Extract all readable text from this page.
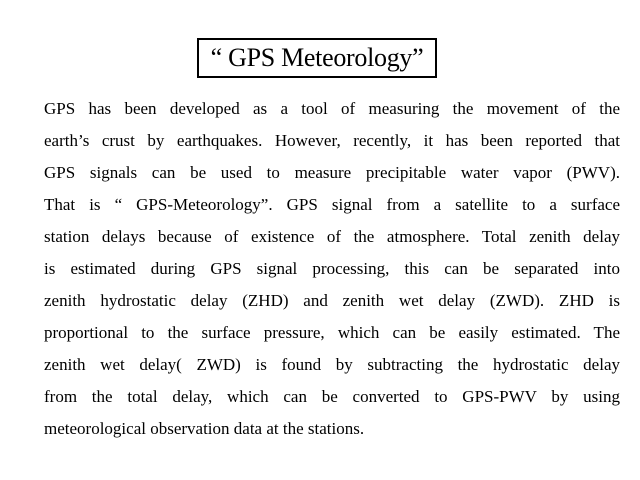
“ GPS Meteorology”
GPS has been developed as a tool of measuring the movement of the
earth’s crust by earthquakes. However, recently, it has been reported that
GPS signals can be used to measure precipitable water vapor (PWV).
That is “ GPS-Meteorology”. GPS signal from a satellite to a surface
station delays because of existence of the atmosphere. Total zenith delay
is estimated during GPS signal processing, this can be separated into
zenith hydrostatic delay (ZHD) and zenith wet delay (ZWD). ZHD is
proportional to the surface pressure, which can be easily estimated. The
zenith wet delay( ZWD) is found by subtracting the hydrostatic delay
from the total delay, which can be converted to GPS-PWV by using
meteorological observation data at the stations.
